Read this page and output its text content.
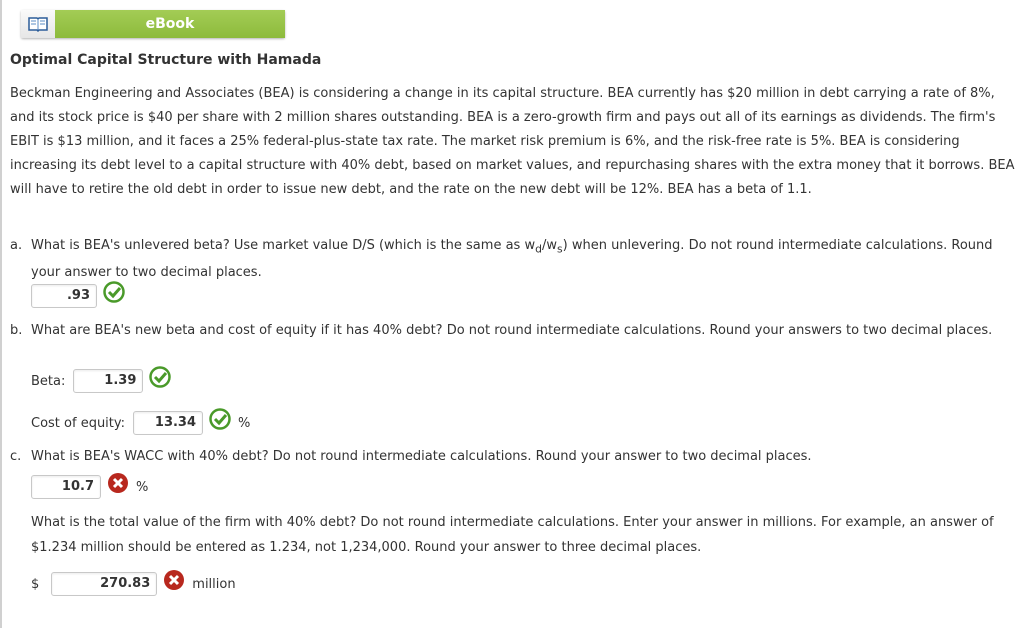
eBook
Optimal Capital Structure with Hamada
Beckman Engineering and Associates (BEA) is considering a change in its capital structure. BEA currently has $20 million in debt carrying a rate of 8%, and its stock price is $40 per share with 2 million shares outstanding. BEA is a zero-growth firm and pays out all of its earnings as dividends. The firm's EBIT is $13 million, and it faces a 25% federal-plus-state tax rate. The market risk premium is 6%, and the risk-free rate is 5%. BEA is considering increasing its debt level to a capital structure with 40% debt, based on market values, and repurchasing shares with the extra money that it borrows. BEA will have to retire the old debt in order to issue new debt, and the rate on the new debt will be 12%. BEA has a beta of 1.1.
a. What is BEA's unlevered beta? Use market value D/S (which is the same as $w_d/w_s$) when unlevering. Do not round intermediate calculations. Round your answer to two decimal places.
.93
b. What are BEA's new beta and cost of equity if it has 40% debt? Do not round intermediate calculations. Round your answers to two decimal places.
Beta:	1.39
Cost of equity:	13.34	%
c. What is BEA's WACC with 40% debt? Do not round intermediate calculations. Round your answer to two decimal places.
10.7	%
What is the total value of the firm with 40% debt? Do not round intermediate calculations. Enter your answer in millions. For example, an answer of $1.234 million should be entered as 1.234, not 1,234,000. Round your answer to three decimal places.
$	270.83	million
